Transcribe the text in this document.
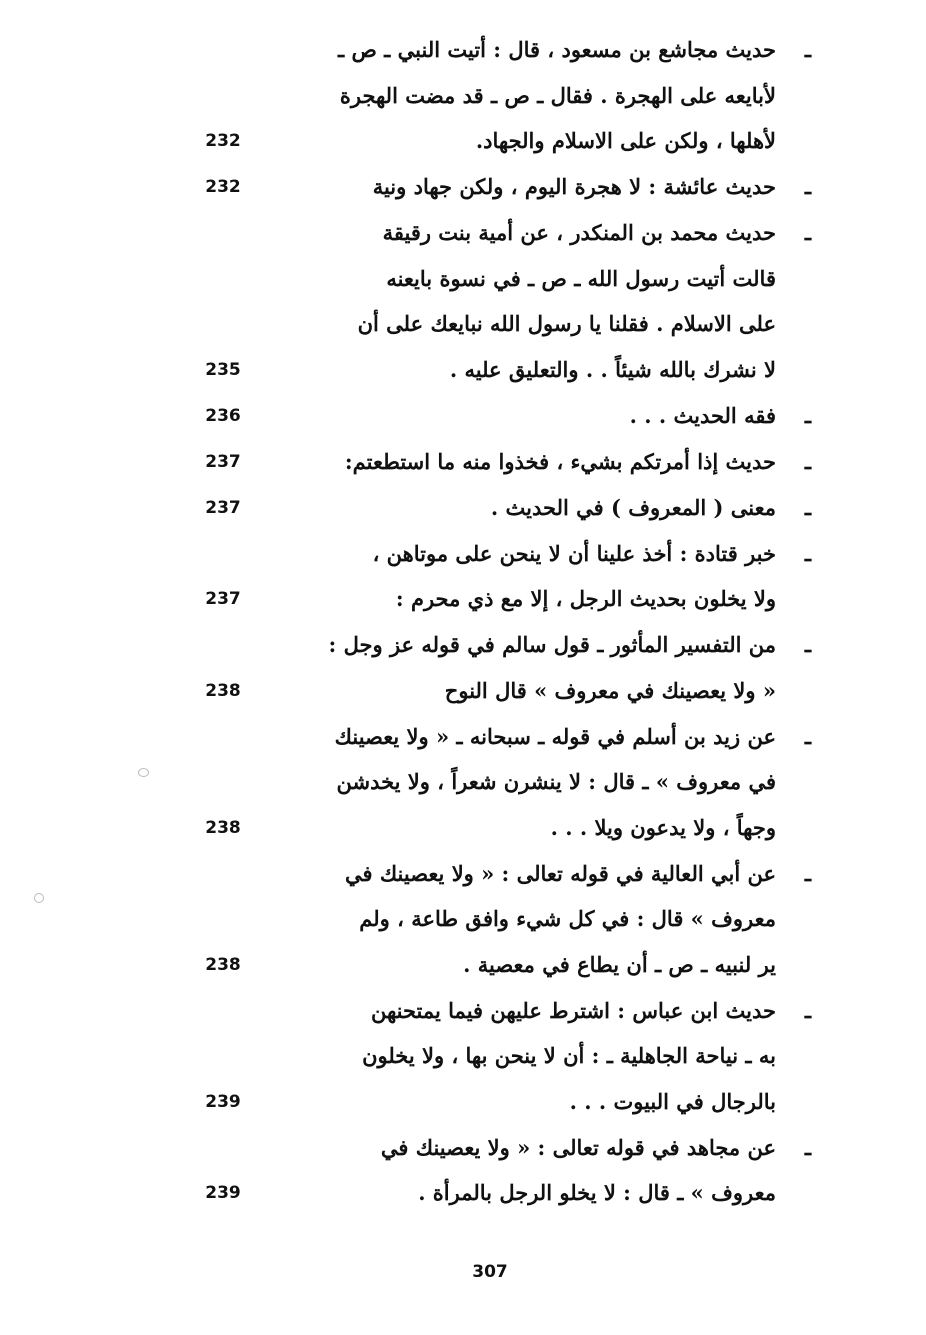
ـ
حديث مجاشع بن مسعود ، قال : أتيت النبي ـ ص ـ
لأبايعه على الهجرة . فقال ـ ص ـ قد مضت الهجرة
لأهلها ، ولكن على الاسلام والجهاد.
232
ـ
حديث عائشة : لا هجرة اليوم ، ولكن جهاد ونية
232
ـ
حديث محمد بن المنكدر ، عن أمية بنت رقيقة
قالت أتيت رسول الله ـ ص ـ في نسوة بايعنه
على الاسلام . فقلنا يا رسول الله نبايعك على أن
لا نشرك بالله شيئاً . . والتعليق عليه .
235
ـ
فقه الحديث . . .
236
ـ
حديث إذا أمرتكم بشيء ، فخذوا منه ما استطعتم:
237
ـ
معنى ( المعروف ) في الحديث .
237
ـ
خبر قتادة : أخذ علينا أن لا ينحن على موتاهن ،
ولا يخلون بحديث الرجل ، إلا مع ذي محرم :
237
ـ
من التفسير المأثور ـ قول سالم في قوله عز وجل :
« ولا يعصينك في معروف » قال النوح
238
ـ
عن زيد بن أسلم في قوله ـ سبحانه ـ « ولا يعصينك
في معروف » ـ قال : لا ينشرن شعراً ، ولا يخدشن
وجهاً ، ولا يدعون ويلا . . .
238
ـ
عن أبي العالية في قوله تعالى : « ولا يعصينك في
معروف » قال : في كل شيء وافق طاعة ، ولم
ير لنبيه ـ ص ـ أن يطاع في معصية .
238
ـ
حديث ابن عباس : اشترط عليهن فيما يمتحنهن
به ـ نياحة الجاهلية ـ : أن لا ينحن بها ، ولا يخلون
بالرجال في البيوت . . .
239
ـ
عن مجاهد في قوله تعالى : « ولا يعصينك في
معروف » ـ قال : لا يخلو الرجل بالمرأة .
239
307
